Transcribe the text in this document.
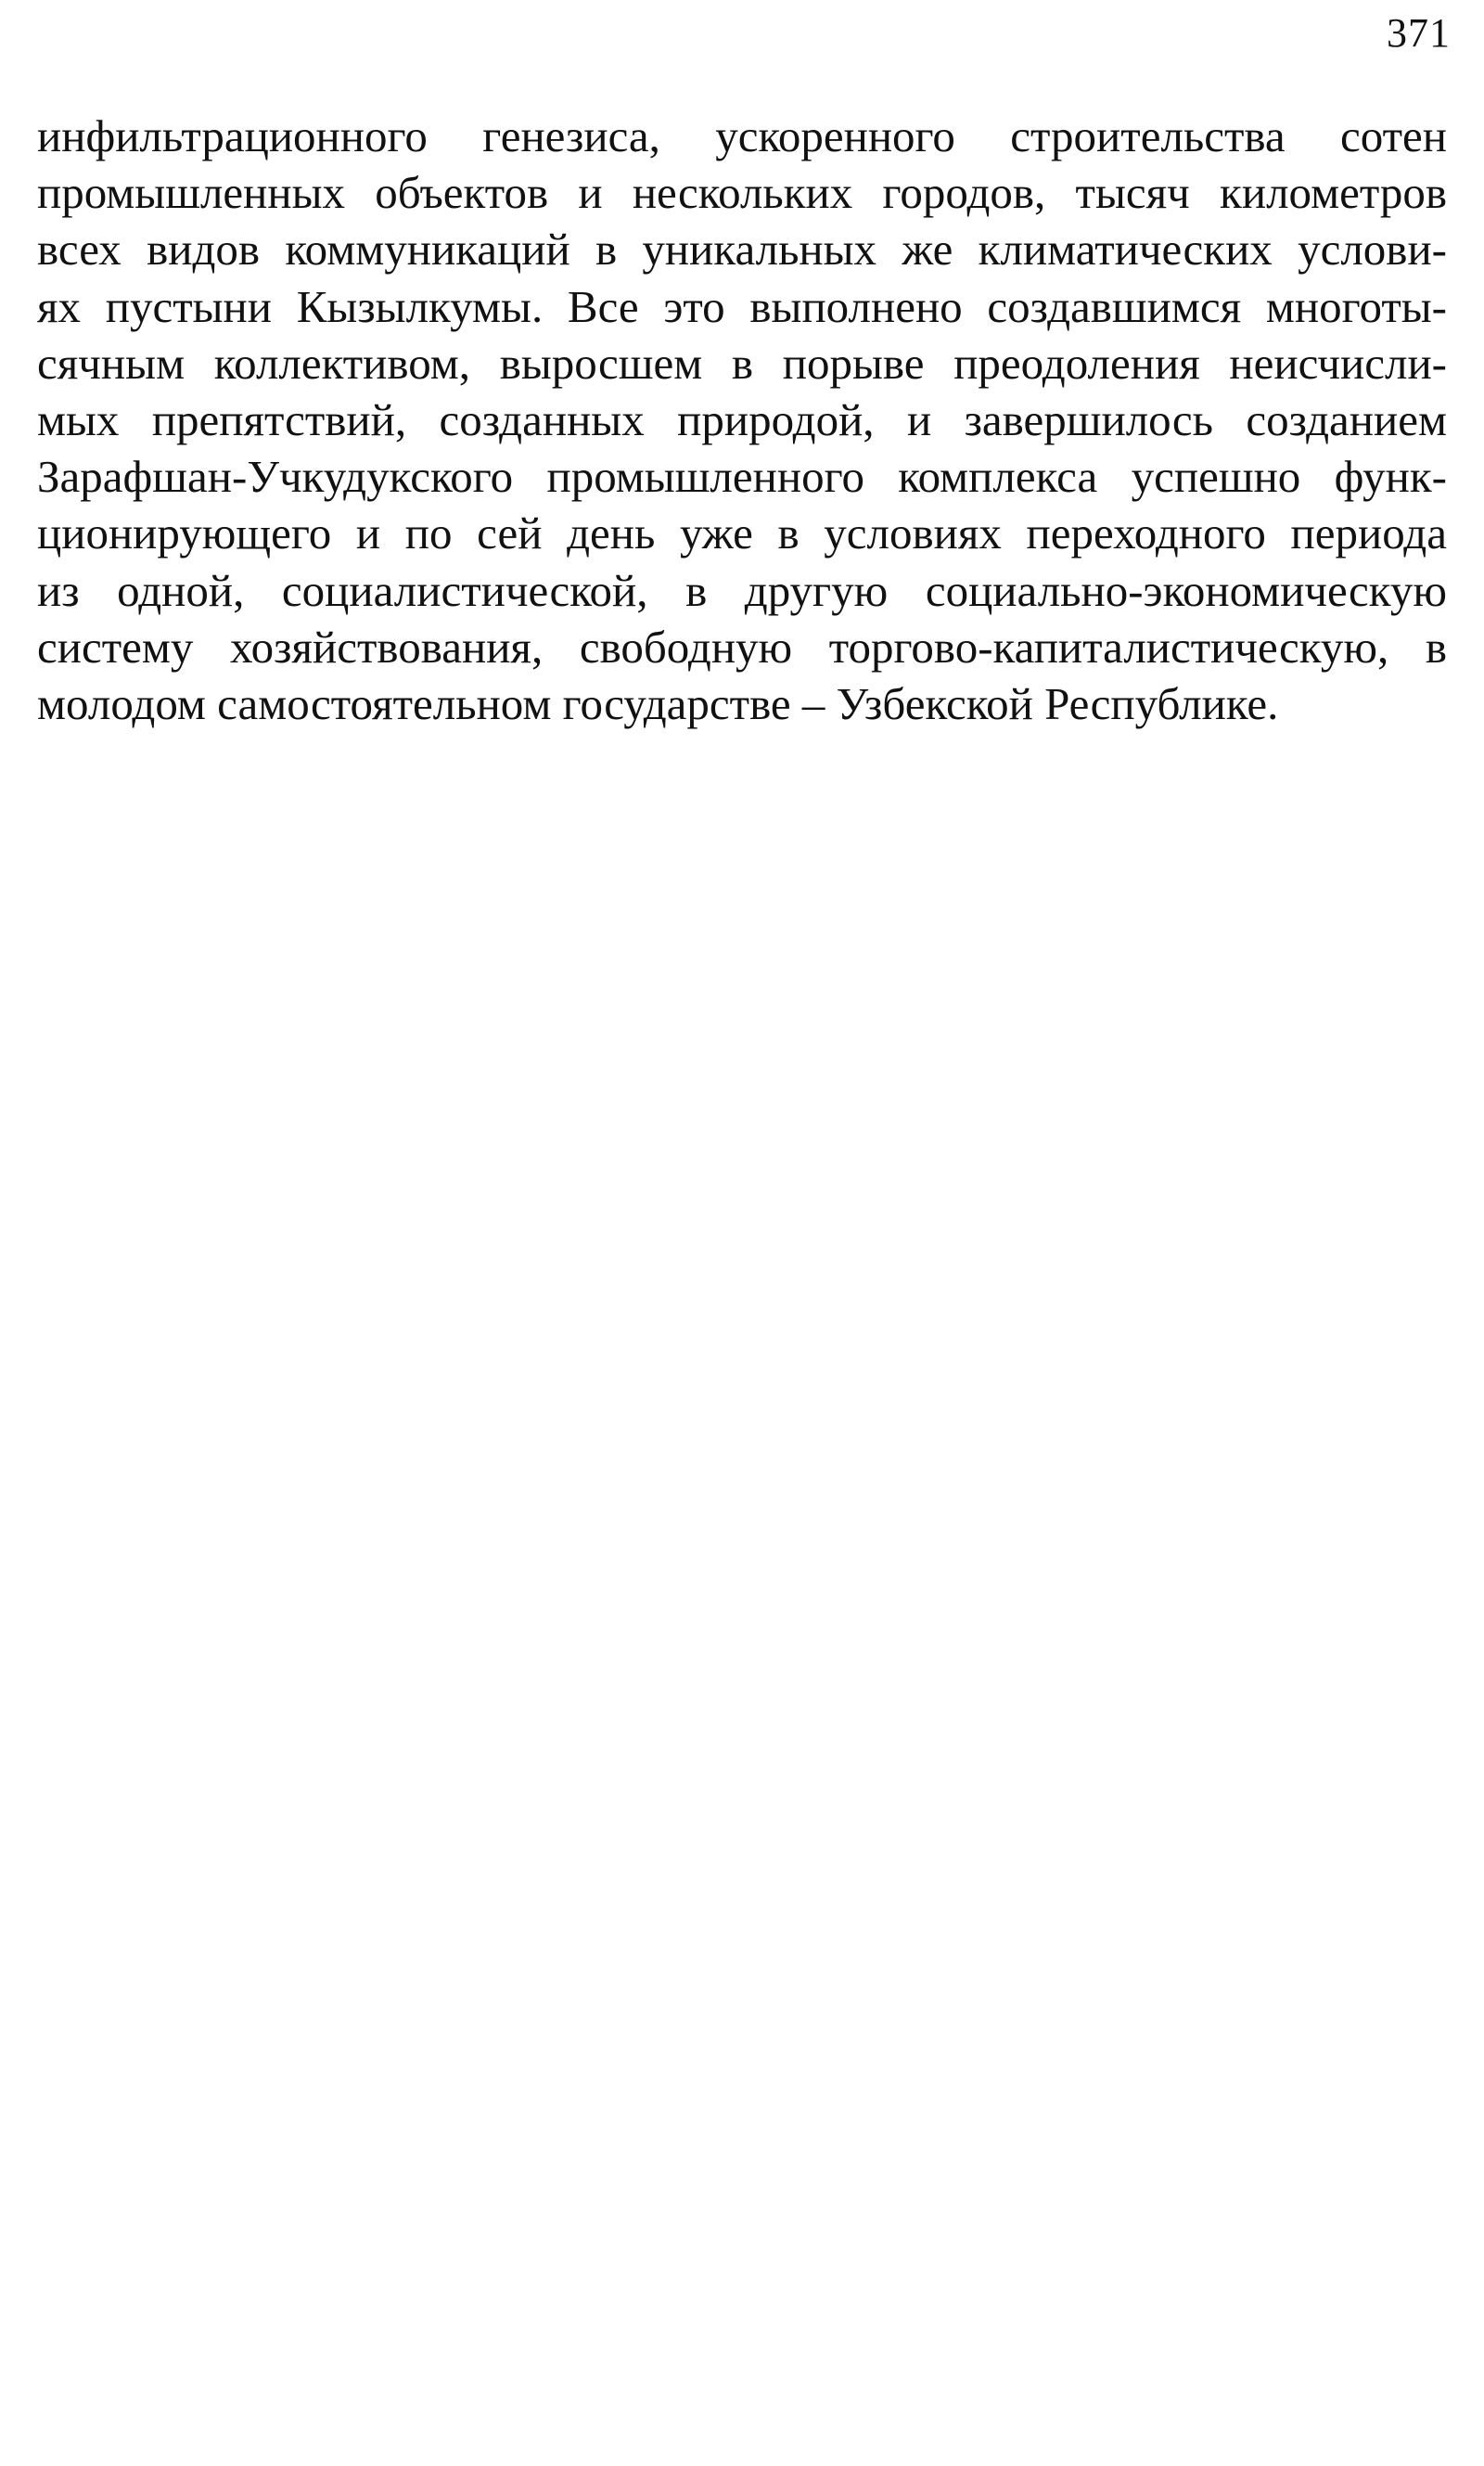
371
инфильтрационного генезиса, ускоренного строительства сотен
промышленных объектов и нескольких городов, тысяч километров
всех видов коммуникаций в уникальных же климатических услови-
ях пустыни Кызылкумы. Все это выполнено создавшимся многоты-
сячным коллективом, выросшем в порыве преодоления неисчисли-
мых препятствий, созданных природой, и завершилось созданием
Зарафшан-Учкудукского промышленного комплекса успешно функ-
ционирующего и по сей день уже в условиях переходного периода
из одной, социалистической, в другую социально-экономическую
систему хозяйствования, свободную торгово-капиталистическую, в
молодом самостоятельном государстве – Узбекской Республике.
